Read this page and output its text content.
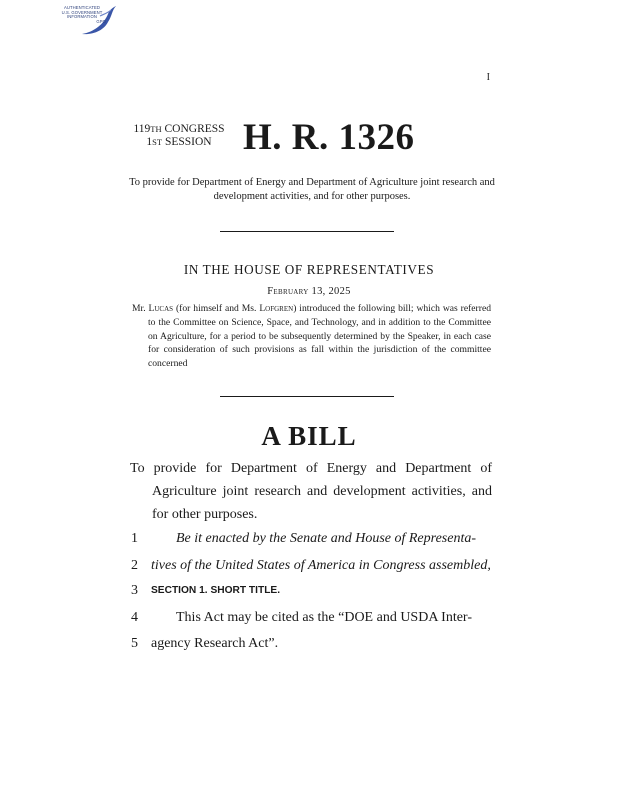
AUTHENTICATED
U.S. GOVERNMENT
INFORMATION
GPO
I
119TH CONGRESS
1ST SESSION H. R. 1326
To provide for Department of Energy and Department of Agriculture joint research and development activities, and for other purposes.
IN THE HOUSE OF REPRESENTATIVES
February 13, 2025
Mr. Lucas (for himself and Ms. Lofgren) introduced the following bill; which was referred to the Committee on Science, Space, and Technology, and in addition to the Committee on Agriculture, for a period to be subsequently determined by the Speaker, in each case for consideration of such provisions as fall within the jurisdiction of the committee concerned
A BILL
To provide for Department of Energy and Department of Agriculture joint research and development activities, and for other purposes.
1	Be it enacted by the Senate and House of Representa-
2 tives of the United States of America in Congress assembled,
3 SECTION 1. SHORT TITLE.
4	This Act may be cited as the “DOE and USDA Inter-
5 agency Research Act”.
